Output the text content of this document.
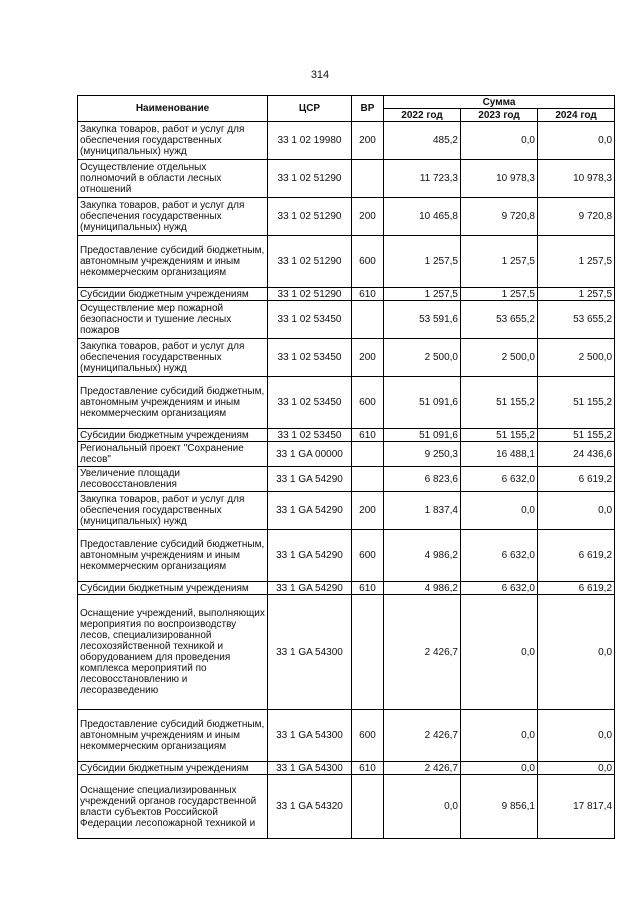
314
Наименование	ЦСР	ВР	Сумма		
			2022 год	2023 год	2024 год
Закупка товаров, работ и услуг для обеспечения государственных (муниципальных) нужд	33 1 02 19980	200	485,2	0,0	0,0
Осуществление отдельных полномочий в области лесных отношений	33 1 02 51290		11 723,3	10 978,3	10 978,3
Закупка товаров, работ и услуг для обеспечения государственных (муниципальных) нужд	33 1 02 51290	200	10 465,8	9 720,8	9 720,8
Предоставление субсидий бюджетным, автономным учреждениям и иным некоммерческим организациям	33 1 02 51290	600	1 257,5	1 257,5	1 257,5
Субсидии бюджетным учреждениям	33 1 02 51290	610	1 257,5	1 257,5	1 257,5
Осуществление мер пожарной безопасности и тушение лесных пожаров	33 1 02 53450		53 591,6	53 655,2	53 655,2
Закупка товаров, работ и услуг для обеспечения государственных (муниципальных) нужд	33 1 02 53450	200	2 500,0	2 500,0	2 500,0
Предоставление субсидий бюджетным, автономным учреждениям и иным некоммерческим организациям	33 1 02 53450	600	51 091,6	51 155,2	51 155,2
Субсидии бюджетным учреждениям	33 1 02 53450	610	51 091,6	51 155,2	51 155,2
Региональный проект "Сохранение лесов"	33 1 GA 00000		9 250,3	16 488,1	24 436,6
Увеличение площади лесовосстановления	33 1 GA 54290		6 823,6	6 632,0	6 619,2
Закупка товаров, работ и услуг для обеспечения государственных (муниципальных) нужд	33 1 GA 54290	200	1 837,4	0,0	0,0
Предоставление субсидий бюджетным, автономным учреждениям и иным некоммерческим организациям	33 1 GA 54290	600	4 986,2	6 632,0	6 619,2
Субсидии бюджетным учреждениям	33 1 GA 54290	610	4 986,2	6 632,0	6 619,2
Оснащение учреждений, выполняющих мероприятия по воспроизводству лесов, специализированной лесохозяйственной техникой и оборудованием для проведения комплекса мероприятий по лесовосстановлению и лесоразведению	33 1 GA 54300		2 426,7	0,0	0,0
Предоставление субсидий бюджетным, автономным учреждениям и иным некоммерческим организациям	33 1 GA 54300	600	2 426,7	0,0	0,0
Субсидии бюджетным учреждениям	33 1 GA 54300	610	2 426,7	0,0	0,0
Оснащение специализированных учреждений органов государственной власти субъектов Российской Федерации лесопожарной техникой и	33 1 GA 54320		0,0	9 856,1	17 817,4
